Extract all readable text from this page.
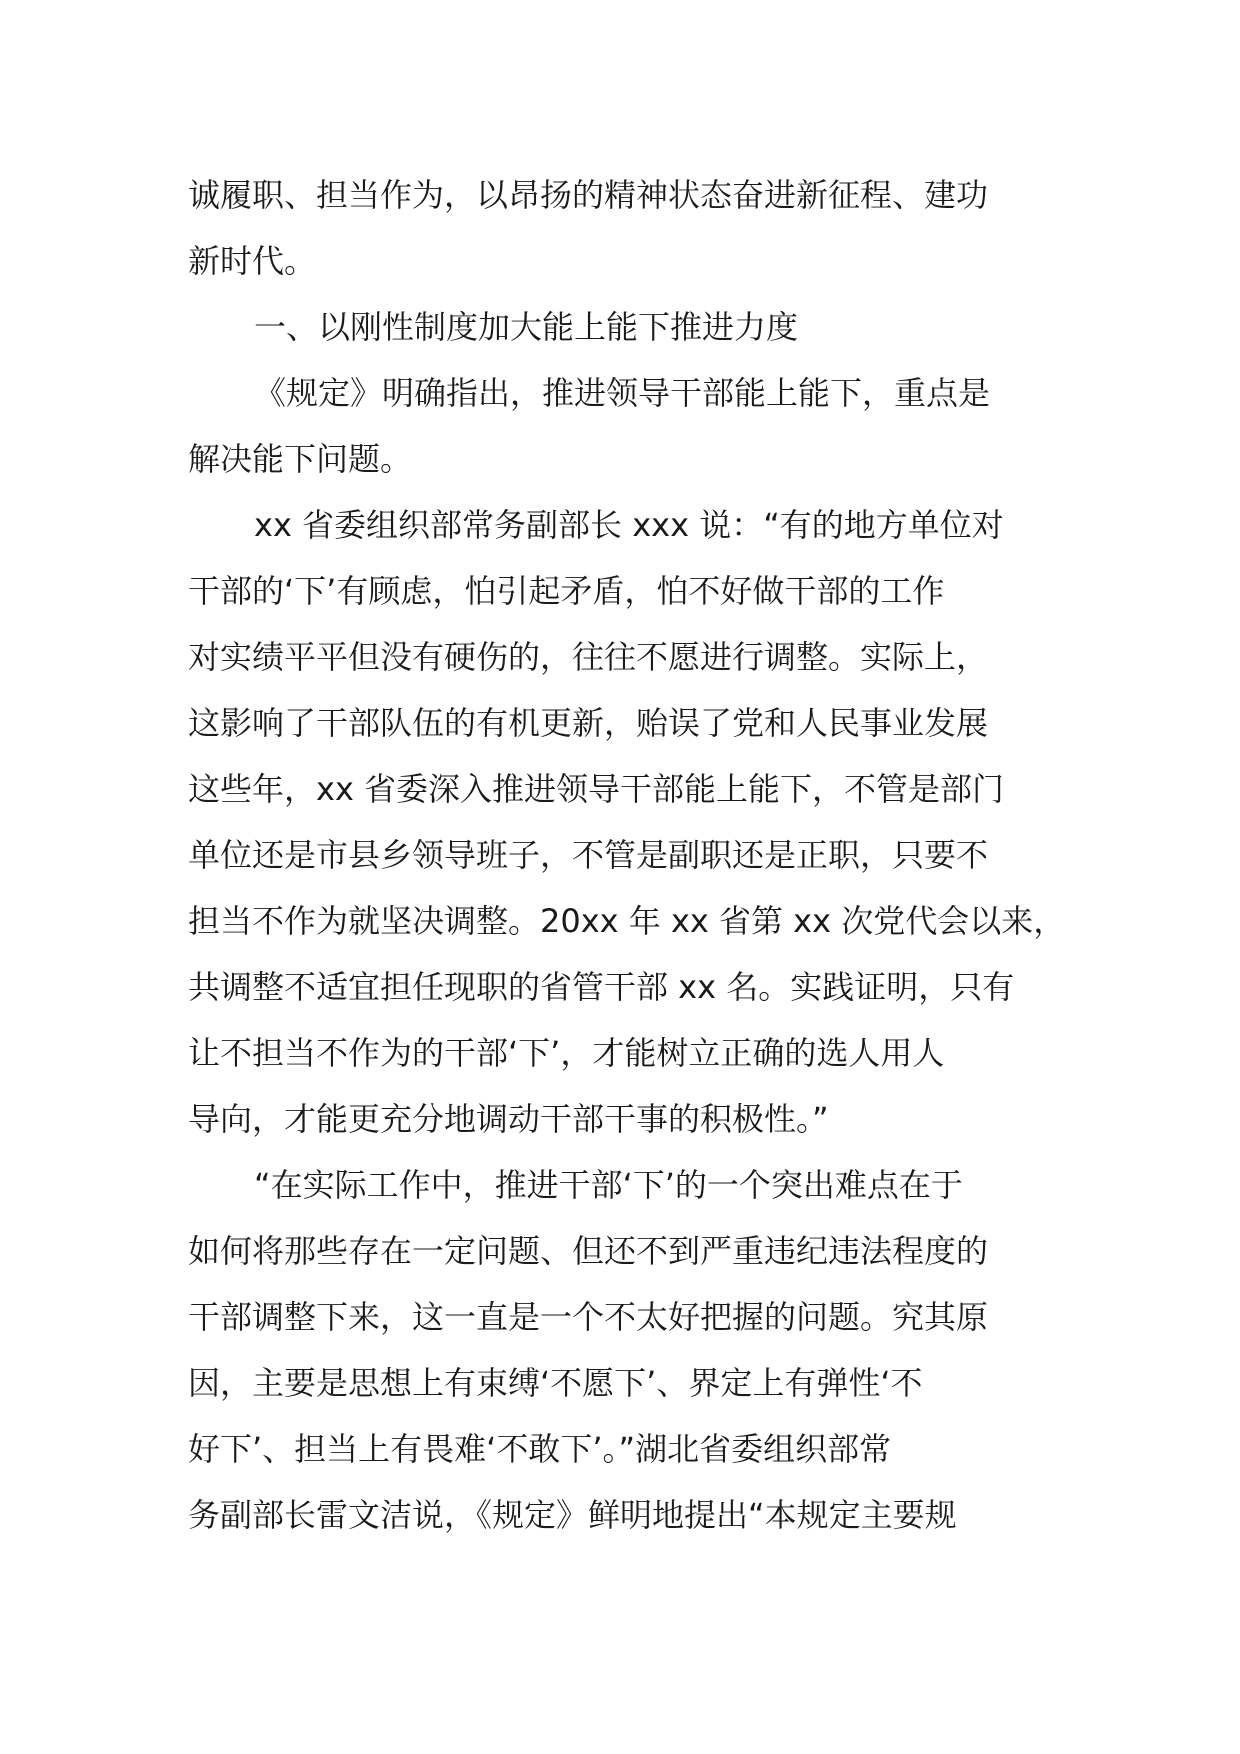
诚履职、担当作为，以昂扬的精神状态奋进新征程、建功
新时代。
一、以刚性制度加大能上能下推进力度
《规定》明确指出，推进领导干部能上能下，重点是
解决能下问题。
xx 省委组织部常务副部长 xxx 说：“有的地方单位对
干部的‘下’有顾虑，怕引起矛盾，怕不好做干部的工作
对实绩平平但没有硬伤的，往往不愿进行调整。实际上，
这影响了干部队伍的有机更新，贻误了党和人民事业发展
这些年，xx 省委深入推进领导干部能上能下，不管是部门
单位还是市县乡领导班子，不管是副职还是正职，只要不
担当不作为就坚决调整。20xx 年 xx 省第 xx 次党代会以来，
共调整不适宜担任现职的省管干部 xx 名。实践证明，只有
让不担当不作为的干部‘下’，才能树立正确的选人用人
导向，才能更充分地调动干部干事的积极性。”
“在实际工作中，推进干部‘下’的一个突出难点在于
如何将那些存在一定问题、但还不到严重违纪违法程度的
干部调整下来，这一直是一个不太好把握的问题。究其原
因，主要是思想上有束缚‘不愿下’、界定上有弹性‘不
好下’、担当上有畏难‘不敢下’。”湖北省委组织部常
务副部长雷文洁说，《规定》鲜明地提出“本规定主要规
